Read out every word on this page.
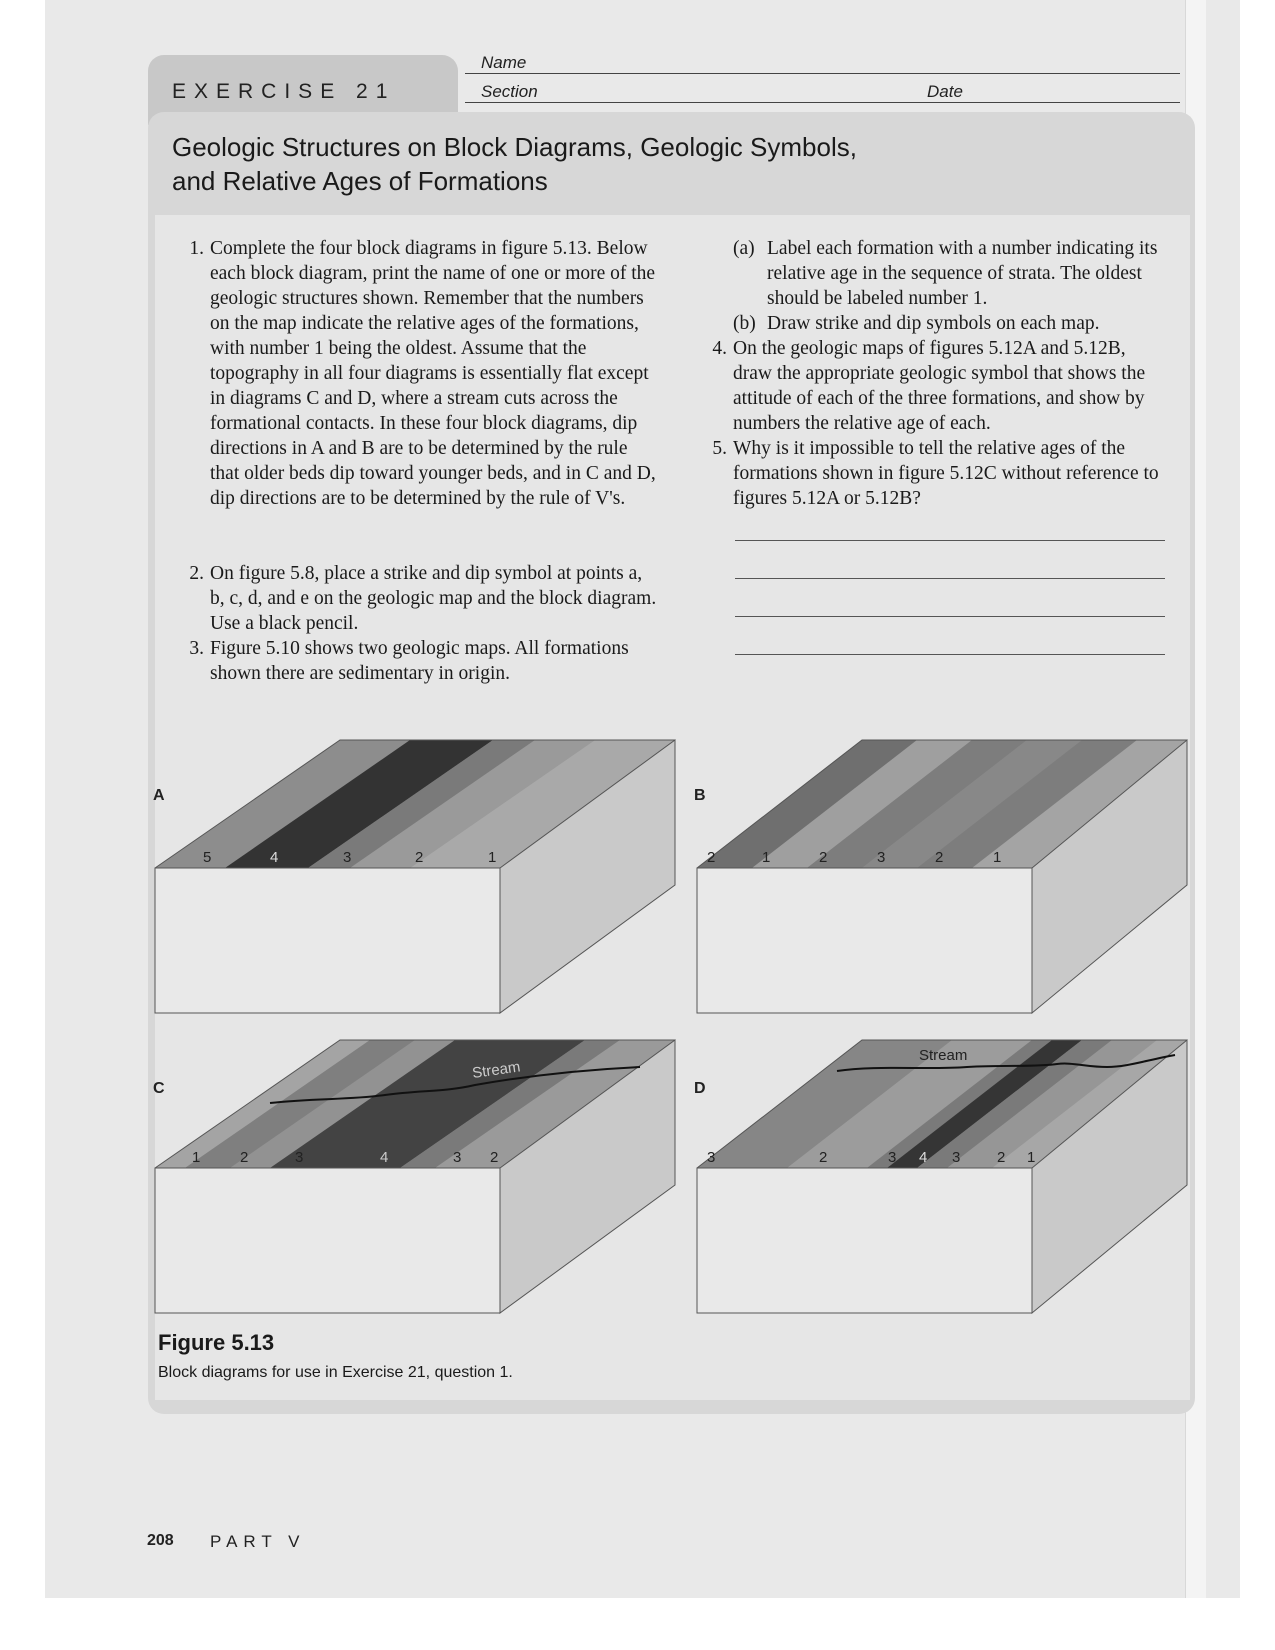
EXERCISE 21
Name
Section	Date
Geologic Structures on Block Diagrams, Geologic Symbols,
and Relative Ages of Formations
1. Complete the four block diagrams in figure 5.13. Below each block diagram, print the name of one or more of the geologic structures shown. Remember that the numbers on the map indicate the relative ages of the formations, with number 1 being the oldest. Assume that the topography in all four diagrams is essentially flat except in diagrams C and D, where a stream cuts across the formational contacts. In these four block diagrams, dip directions in A and B are to be determined by the rule that older beds dip toward younger beds, and in C and D, dip directions are to be determined by the rule of V's.
2. On figure 5.8, place a strike and dip symbol at points a, b, c, d, and e on the geologic map and the block diagram. Use a black pencil.
3. Figure 5.10 shows two geologic maps. All formations shown there are sedimentary in origin.
(a) Label each formation with a number indicating its relative age in the sequence of strata. The oldest should be labeled number 1.
(b) Draw strike and dip symbols on each map.
4. On the geologic maps of figures 5.12A and 5.12B, draw the appropriate geologic symbol that shows the attitude of each of the three formations, and show by numbers the relative age of each.
5. Why is it impossible to tell the relative ages of the formations shown in figure 5.12C without reference to figures 5.12A or 5.12B?
A	B
C	D
5	4	3	2	1	2	1	2	3	2	1
Stream
1	2	3	4	3 2
Stream
3	2	3 4 3 2 1
Figure 5.13
Block diagrams for use in Exercise 21, question 1.
208 PART V
